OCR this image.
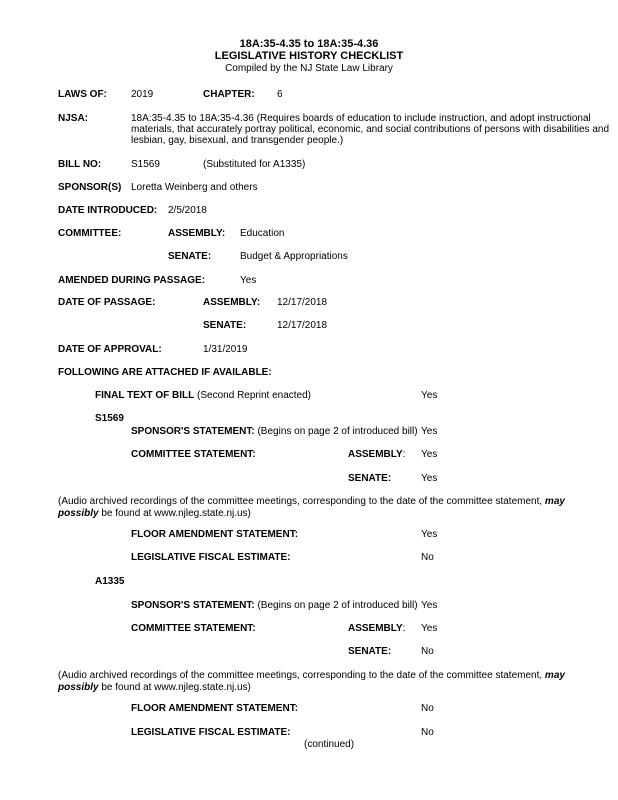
18A:35-4.35 to 18A:35-4.36
LEGISLATIVE HISTORY CHECKLIST
Compiled by the NJ State Law Library
LAWS OF: 2019	CHAPTER: 6
NJSA:	18A:35-4.35 to 18A:35-4.36 (Requires boards of education to include instruction, and adopt instructional
materials, that accurately portray political, economic, and social contributions of persons with disabilities and
lesbian, gay, bisexual, and transgender people.)
BILL NO:	S1569	(Substituted for A1335)
SPONSOR(S) Loretta Weinberg and others
DATE INTRODUCED: 2/5/2018
COMMITTEE:	ASSEMBLY: Education
SENATE:	Budget & Appropriations
AMENDED DURING PASSAGE:	Yes
DATE OF PASSAGE:	ASSEMBLY: 12/17/2018
SENATE:	12/17/2018
DATE OF APPROVAL:	1/31/2019
FOLLOWING ARE ATTACHED IF AVAILABLE:
FINAL TEXT OF BILL (Second Reprint enacted)	Yes
S1569
SPONSOR'S STATEMENT: (Begins on page 2 of introduced bill) Yes
COMMITTEE STATEMENT:	ASSEMBLY: Yes
SENATE:	Yes
(Audio archived recordings of the committee meetings, corresponding to the date of the committee statement, may possibly be found at www.njleg.state.nj.us)
FLOOR AMENDMENT STATEMENT:	Yes
LEGISLATIVE FISCAL ESTIMATE:	No
A1335
SPONSOR'S STATEMENT: (Begins on page 2 of introduced bill) Yes
COMMITTEE STATEMENT:	ASSEMBLY: Yes
SENATE:	No
(Audio archived recordings of the committee meetings, corresponding to the date of the committee statement, may possibly be found at www.njleg.state.nj.us)
FLOOR AMENDMENT STATEMENT:	No
LEGISLATIVE FISCAL ESTIMATE:	No
(continued)
